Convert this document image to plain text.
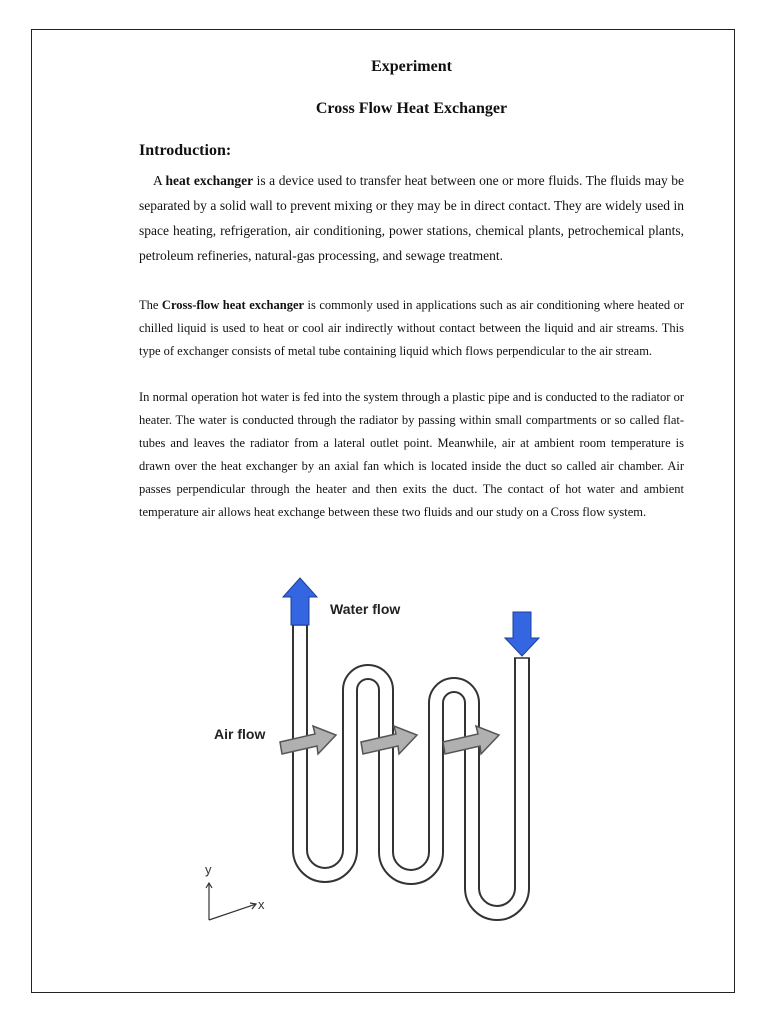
Experiment
Cross Flow Heat Exchanger
Introduction:
A heat exchanger is a device used to transfer heat between one or more fluids. The fluids may be separated by a solid wall to prevent mixing or they may be in direct contact. They are widely used in space heating, refrigeration, air conditioning, power stations, chemical plants, petrochemical plants, petroleum refineries, natural-gas processing, and sewage treatment.
The Cross-flow heat exchanger is commonly used in applications such as air conditioning where heated or chilled liquid is used to heat or cool air indirectly without contact between the liquid and air streams. This type of exchanger consists of metal tube containing liquid which flows perpendicular to the air stream.
In normal operation hot water is fed into the system through a plastic pipe and is conducted to the radiator or heater. The water is conducted through the radiator by passing within small compartments or so called flat- tubes and leaves the radiator from a lateral outlet point. Meanwhile, air at ambient room temperature is drawn over the heat exchanger by an axial fan which is located inside the duct so called air chamber. Air passes perpendicular through the heater and then exits the duct. The contact of hot water and ambient temperature air allows heat exchange between these two fluids and our study on a Cross flow system.
Water flow
Air flow
y
x
